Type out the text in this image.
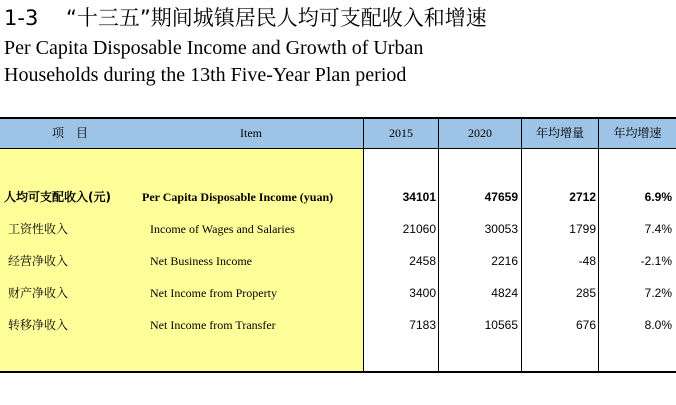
1-3 “十三五”期间城镇居民人均可支配收入和增速
Per Capita Disposable Income and Growth of Urban
Households during the 13th Five-Year Plan period
项　目	Item	2015	2020	年均增量	年均增速
人均可支配收入(元)	Per Capita Disposable Income (yuan)	34101	47659	2712	6.9%
工资性收入	Income of Wages and Salaries	21060	30053	1799	7.4%
经营净收入	Net Business Income	2458	2216	-48	-2.1%
财产净收入	Net Income from Property	3400	4824	285	7.2%
转移净收入	Net Income from Transfer	7183	10565	676	8.0%
